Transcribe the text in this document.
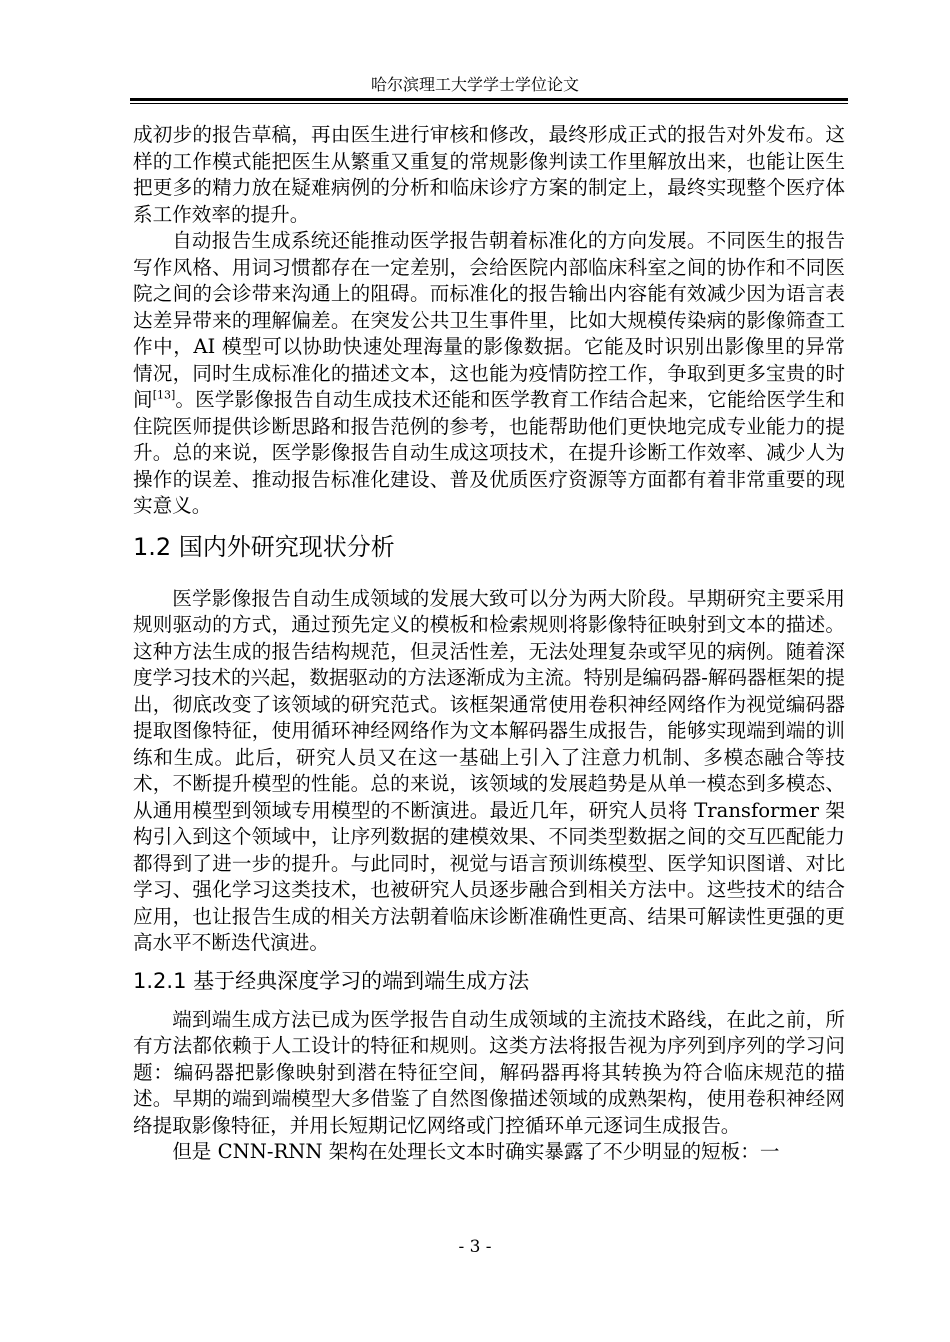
哈尔滨理工大学学士学位论文

成初步的报告草稿，再由医生进行审核和修改，最终形成正式的报告对外发布。这样的工作模式能把医生从繁重又重复的常规影像判读工作里解放出来，也能让医生把更多的精力放在疑难病例的分析和临床诊疗方案的制定上，最终实现整个医疗体系工作效率的提升。

自动报告生成系统还能推动医学报告朝着标准化的方向发展。不同医生的报告写作风格、用词习惯都存在一定差别，会给医院内部临床科室之间的协作和不同医院之间的会诊带来沟通上的阻碍。而标准化的报告输出内容能有效减少因为语言表达差异带来的理解偏差。在突发公共卫生事件里，比如大规模传染病的影像筛查工作中，AI 模型可以协助快速处理海量的影像数据。它能及时识别出影像里的异常情况，同时生成标准化的描述文本，这也能为疫情防控工作，争取到更多宝贵的时间[13]。医学影像报告自动生成技术还能和医学教育工作结合起来，它能给医学生和住院医师提供诊断思路和报告范例的参考，也能帮助他们更快地完成专业能力的提升。总的来说，医学影像报告自动生成这项技术，在提升诊断工作效率、减少人为操作的误差、推动报告标准化建设、普及优质医疗资源等方面都有着非常重要的现实意义。

1.2 国内外研究现状分析

医学影像报告自动生成领域的发展大致可以分为两大阶段。早期研究主要采用规则驱动的方式，通过预先定义的模板和检索规则将影像特征映射到文本的描述。这种方法生成的报告结构规范，但灵活性差，无法处理复杂或罕见的病例。随着深度学习技术的兴起，数据驱动的方法逐渐成为主流。特别是编码器-解码器框架的提出，彻底改变了该领域的研究范式。该框架通常使用卷积神经网络作为视觉编码器提取图像特征，使用循环神经网络作为文本解码器生成报告，能够实现端到端的训练和生成。此后，研究人员又在这一基础上引入了注意力机制、多模态融合等技术，不断提升模型的性能。总的来说，该领域的发展趋势是从单一模态到多模态、从通用模型到领域专用模型的不断演进。最近几年，研究人员将 Transformer 架构引入到这个领域中，让序列数据的建模效果、不同类型数据之间的交互匹配能力都得到了进一步的提升。与此同时，视觉与语言预训练模型、医学知识图谱、对比学习、强化学习这类技术，也被研究人员逐步融合到相关方法中。这些技术的结合应用，也让报告生成的相关方法朝着临床诊断准确性更高、结果可解读性更强的更高水平不断迭代演进。

1.2.1 基于经典深度学习的端到端生成方法

端到端生成方法已成为医学报告自动生成领域的主流技术路线，在此之前，所有方法都依赖于人工设计的特征和规则。这类方法将报告视为序列到序列的学习问题：编码器把影像映射到潜在特征空间，解码器再将其转换为符合临床规范的描述。早期的端到端模型大多借鉴了自然图像描述领域的成熟架构，使用卷积神经网络提取影像特征，并用长短期记忆网络或门控循环单元逐词生成报告。

但是 CNN-RNN 架构在处理长文本时确实暴露了不少明显的短板：一

- 3 -
